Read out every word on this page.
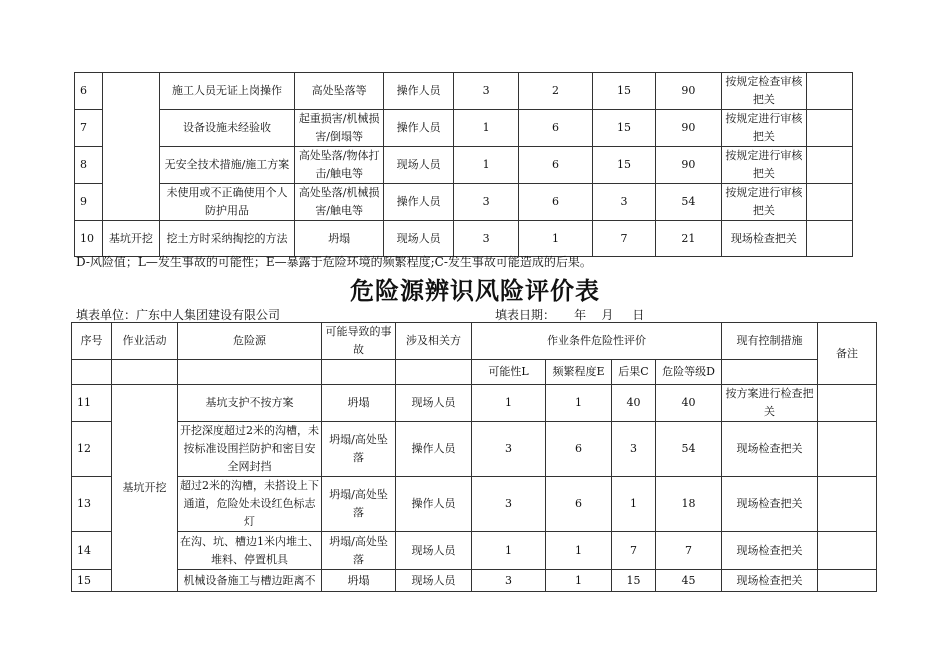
6		施工人员无证上岗操作	高处坠落等	操作人员	3	2	15	90	按规定检查审核把关	
7		设备设施未经验收	起重损害/机械损害/倒塌等	操作人员	1	6	15	90	按规定进行审核把关	
8		无安全技术措施/施工方案	高处坠落/物体打击/触电等	现场人员	1	6	15	90	按规定进行审核把关	
9		未使用或不正确使用个人防护用品	高处坠落/机械损害/触电等	操作人员	3	6	3	54	按规定进行审核把关	
10	基坑开挖	挖土方时采纳掏挖的方法	坍塌	现场人员	3	1	7	21	现场检查把关	
D-风险值；L—发生事故的可能性；E—暴露于危险环境的频繁程度;C-发生事故可能造成的后果。
危险源辨识风险评价表
填表单位：广东中人集团建设有限公司	填表日期：     年    月     日
序号	作业活动	危险源	可能导致的事故	涉及相关方	作业条件危险性评价				现有控制措施	备注
					可能性L	频繁程度E	后果C	危险等级D		
11	基坑开挖	基坑支护不按方案	坍塌	现场人员	1	1	40	40	按方案进行检查把关	
12		开挖深度超过2米的沟槽，未按标准设围拦防护和密目安全网封挡	坍塌/高处坠落	操作人员	3	6	3	54	现场检查把关	
13		超过2米的沟槽，未搭设上下通道，危险处未设红色标志灯	坍塌/高处坠落	操作人员	3	6	1	18	现场检查把关	
14		在沟、坑、槽边1米内堆土、堆料、停置机具	坍塌/高处坠落	现场人员	1	1	7	7	现场检查把关	
15		机械设备施工与槽边距离不	坍塌	现场人员	3	1	15	45	现场检查把关	
